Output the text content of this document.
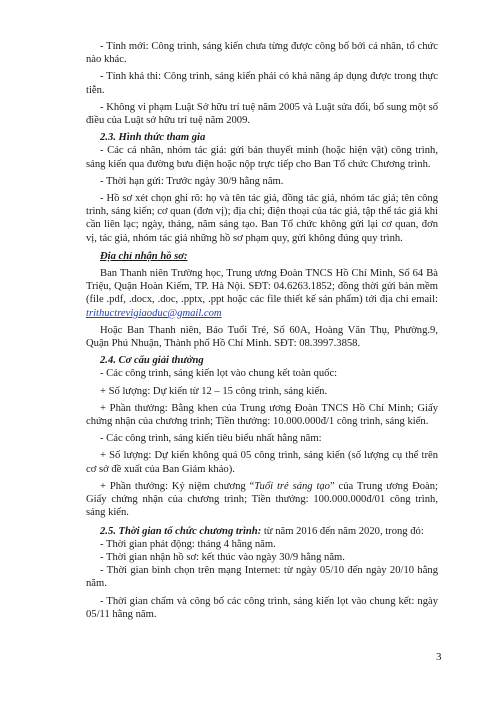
- Tính mới: Công trình, sáng kiến chưa từng được công bố bởi cá nhân, tổ chức nào khác.

- Tính khả thi: Công trình, sáng kiến phải có khả năng áp dụng được trong thực tiễn.

- Không vi phạm Luật Sở hữu trí tuệ năm 2005 và Luật sửa đổi, bổ sung một số điều của Luật sở hữu trí tuệ năm 2009.

2.3. Hình thức tham gia

- Các cá nhân, nhóm tác giả: gửi bản thuyết minh (hoặc hiện vật) công trình, sáng kiến qua đường bưu điện hoặc nộp trực tiếp cho Ban Tổ chức Chương trình.

- Thời hạn gửi: Trước ngày 30/9 hằng năm.

- Hồ sơ xét chọn ghi rõ: họ và tên tác giả, đồng tác giả, nhóm tác giả; tên công trình, sáng kiến; cơ quan (đơn vị); địa chỉ; điện thoại của tác giả, tập thể tác giả khi cần liên lạc; ngày, tháng, năm sáng tạo. Ban Tổ chức không gửi lại cơ quan, đơn vị, tác giả, nhóm tác giả những hồ sơ phạm quy, gửi không đúng quy trình.

Địa chỉ nhận hồ sơ:

Ban Thanh niên Trường học, Trung ương Đoàn TNCS Hồ Chí Minh, Số 64 Bà Triệu, Quận Hoàn Kiếm, TP. Hà Nội. SĐT: 04.6263.1852; đồng thời gửi bản mềm (file .pdf, .docx, .doc, .pptx, .ppt hoặc các file thiết kế sản phẩm) tới địa chỉ email: trithuctrevigiaoduc@gmail.com

Hoặc Ban Thanh niên, Báo Tuổi Trẻ, Số 60A, Hoàng Văn Thụ, Phường.9, Quận Phú Nhuận, Thành phố Hồ Chí Minh. SĐT: 08.3997.3858.

2.4. Cơ cấu giải thưởng

- Các công trình, sáng kiến lọt vào chung kết toàn quốc:

+ Số lượng: Dự kiến từ 12 – 15 công trình, sáng kiến.

+ Phần thưởng: Bằng khen của Trung ương Đoàn TNCS Hồ Chí Minh; Giấy chứng nhận của chương trình; Tiền thưởng: 10.000.000đ/1 công trình, sáng kiến.

- Các công trình, sáng kiến tiêu biểu nhất hằng năm:

+ Số lượng: Dự kiến không quá 05 công trình, sáng kiến (số lượng cụ thể trên cơ sở đề xuất của Ban Giám khảo).

+ Phần thưởng: Kỷ niệm chương “Tuổi trẻ sáng tạo” của Trung ương Đoàn; Giấy chứng nhận của chương trình; Tiền thưởng: 100.000.000đ/01 công trình, sáng kiến.

2.5. Thời gian tổ chức chương trình: từ năm 2016 đến năm 2020, trong đó:

- Thời gian phát động: tháng 4 hằng năm.

- Thời gian nhận hồ sơ: kết thúc vào ngày 30/9 hằng năm.

- Thời gian bình chọn trên mạng Internet: từ ngày 05/10 đến ngày 20/10 hằng năm.

- Thời gian chấm và công bố các công trình, sáng kiến lọt vào chung kết: ngày 05/11 hằng năm.

3
